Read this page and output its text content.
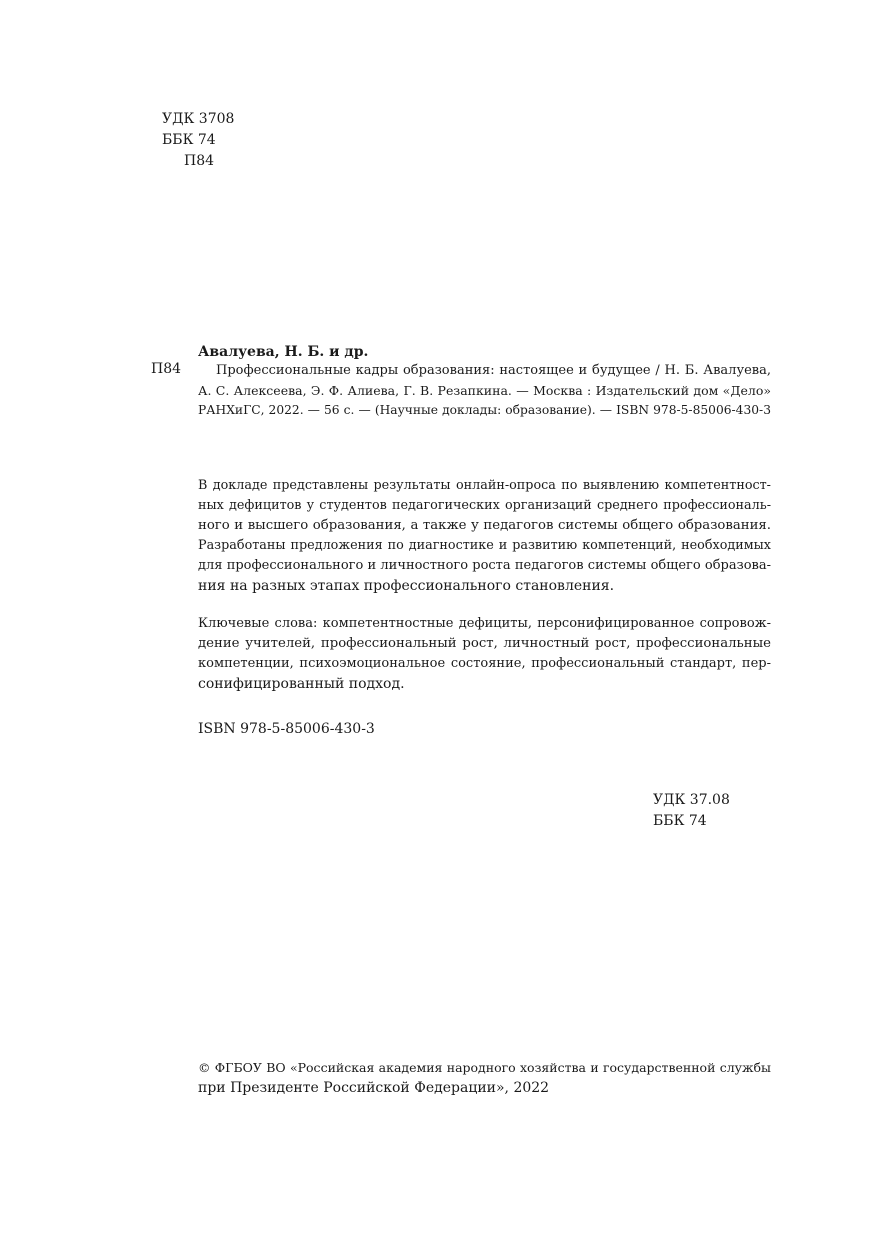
УДК 3708
ББК 74
П84
П84
Авалуева, Н. Б. и др.
Профессиональные кадры образования: настоящее и будущее / Н. Б. Авалуева,
А. С. Алексеева, Э. Ф. Алиева, Г. В. Резапкина. — Москва : Издательский дом «Дело»
РАНХиГС, 2022. — 56 с. — (Научные доклады: образование). — ISBN 978-5-85006-430-3
В докладе представлены результаты онлайн-опроса по выявлению компетентност-
ных дефицитов у студентов педагогических организаций среднего профессиональ-
ного и высшего образования, а также у педагогов системы общего образования.
Разработаны предложения по диагностике и развитию компетенций, необходимых
для профессионального и личностного роста педагогов системы общего образова-
ния на разных этапах профессионального становления.
Ключевые слова: компетентностные дефициты, персонифицированное сопровож-
дение учителей, профессиональный рост, личностный рост, профессиональные
компетенции, психоэмоциональное состояние, профессиональный стандарт, пер-
сонифицированный подход.
ISBN 978-5-85006-430-3
УДК 37.08
ББК 74
© ФГБОУ ВО «Российская академия народного хозяйства и государственной службы
при Президенте Российской Федерации», 2022
